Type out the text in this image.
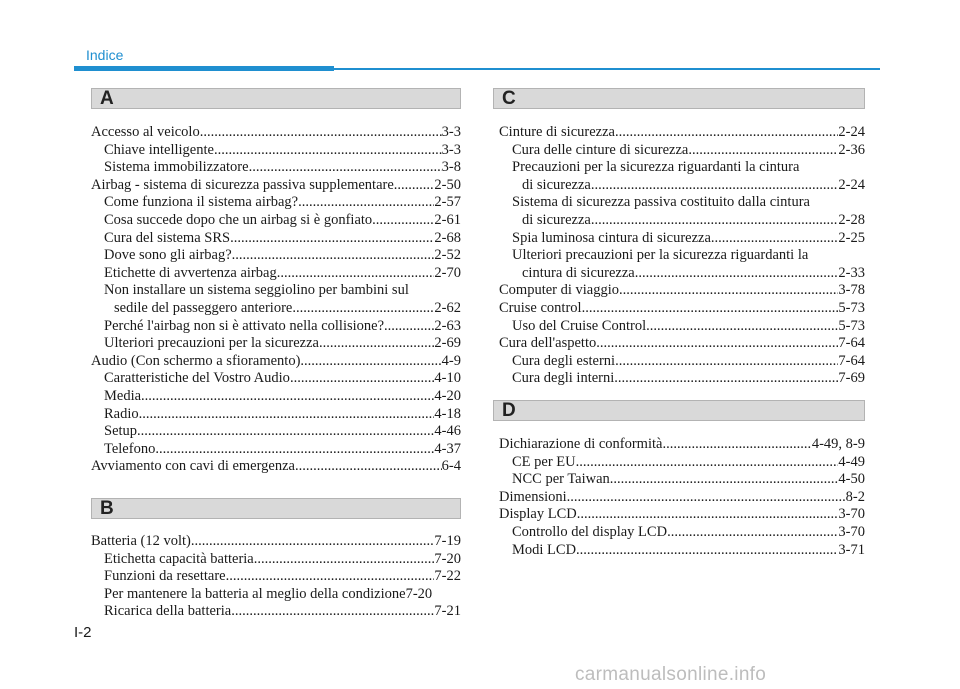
Indice
A
Accesso al veicolo .....	3-3
Chiave intelligente .....	3-3
Sistema immobilizzatore .....	3-8
Airbag - sistema di sicurezza passiva supplementare .....	2-50
Come funziona il sistema airbag? .....	2-57
Cosa succede dopo che un airbag si è gonfiato .....	2-61
Cura del sistema SRS .....	2-68
Dove sono gli airbag? .....	2-52
Etichette di avvertenza airbag .....	2-70
Non installare un sistema seggiolino per bambini sul
sedile del passeggero anteriore. .....	2-62
Perché l'airbag non si è attivato nella collisione? .....	2-63
Ulteriori precauzioni per la sicurezza .....	2-69
Audio (Con schermo a sfioramento) .....	4-9
Caratteristiche del Vostro Audio .....	4-10
Media .....	4-20
Radio .....	4-18
Setup .....	4-46
Telefono .....	4-37
Avviamento con cavi di emergenza .....	6-4
B
Batteria (12 volt) .....	7-19
Etichetta capacità batteria .....	7-20
Funzioni da resettare .....	7-22
Per mantenere la batteria al meglio della condizione 7-20
Ricarica della batteria .....	7-21
C
Cinture di sicurezza .....	2-24
Cura delle cinture di sicurezza .....	2-36
Precauzioni per la sicurezza riguardanti la cintura
di sicurezza .....	2-24
Sistema di sicurezza passiva costituito dalla cintura
di sicurezza .....	2-28
Spia luminosa cintura di sicurezza .....	2-25
Ulteriori precauzioni per la sicurezza riguardanti la
cintura di sicurezza .....	2-33
Computer di viaggio .....	3-78
Cruise control .....	5-73
Uso del Cruise Control .....	5-73
Cura dell'aspetto .....	7-64
Cura degli esterni .....	7-64
Cura degli interni .....	7-69
D
Dichiarazione di conformità .....	4-49, 8-9
CE per EU .....	4-49
NCC per Taiwan .....	4-50
Dimensioni .....	8-2
Display LCD .....	3-70
Controllo del display LCD .....	3-70
Modi LCD .....	3-71
I-2
carmanualsonline.info
